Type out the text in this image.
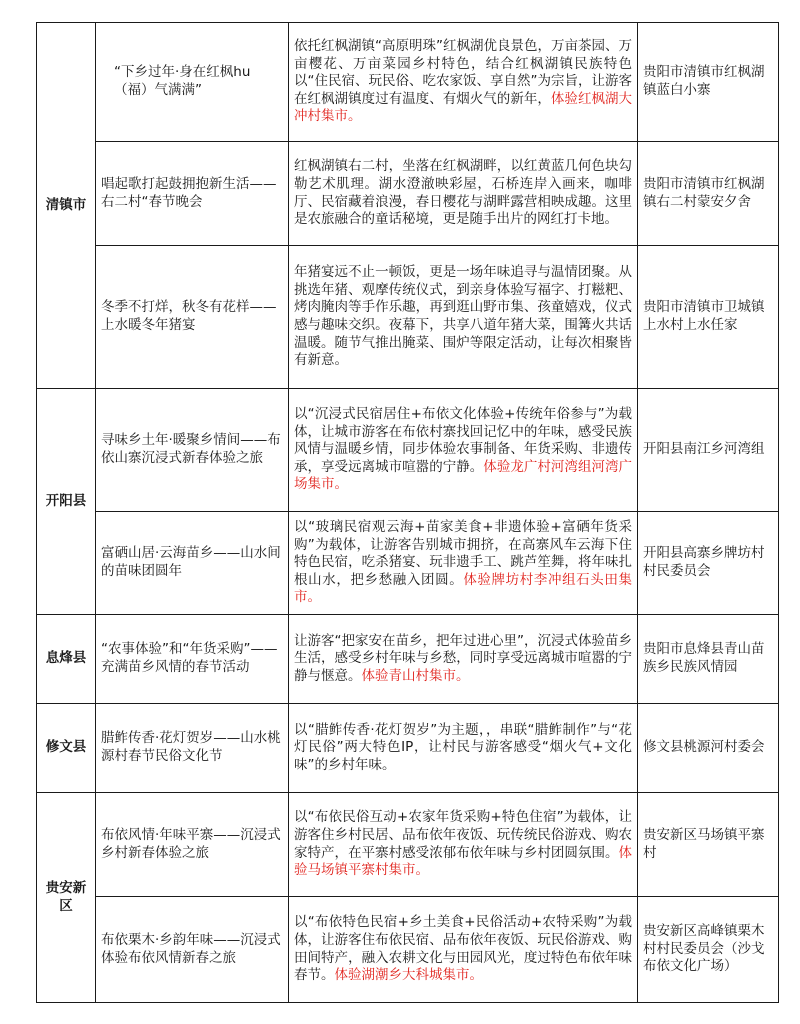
清镇市	“下乡过年·身在红枫hu（福）气满满”	依托红枫湖镇“高原明珠”红枫湖优良景色，万亩茶园、万亩樱花、万亩菜园乡村特色，结合红枫湖镇民族特色以“住民宿、玩民俗、吃农家饭、享自然”为宗旨，让游客在红枫湖镇度过有温度、有烟火气的新年，体验红枫湖大冲村集市。	贵阳市清镇市红枫湖镇蓝白小寨
	唱起歌打起鼓拥抱新生活——右二村“春节晚会	红枫湖镇右二村，坐落在红枫湖畔，以红黄蓝几何色块勾勒艺术肌理。湖水澄澈映彩屋，石桥连岸入画来，咖啡厅、民宿藏着浪漫，春日樱花与湖畔露营相映成趣。这里是农旅融合的童话秘境，更是随手出片的网红打卡地。	贵阳市清镇市红枫湖镇右二村蒙安夕舍
	冬季不打烊，秋冬有花样——上水暖冬年猪宴	年猪宴远不止一顿饭，更是一场年味追寻与温情团聚。从挑选年猪、观摩传统仪式，到亲身体验写福字、打糍粑、烤肉腌肉等手作乐趣，再到逛山野市集、孩童嬉戏，仪式感与趣味交织。夜幕下，共享八道年猪大菜，围篝火共话温暖。随节气推出腌菜、围炉等限定活动，让每次相聚皆有新意。	贵阳市清镇市卫城镇上水村上水任家
开阳县	寻味乡土年·暖聚乡情间——布依山寨沉浸式新春体验之旅	以“沉浸式民宿居住+布依文化体验+传统年俗参与”为载体，让城市游客在布依村寨找回记忆中的年味，感受民族风情与温暖乡情，同步体验农事制备、年货采购、非遗传承，享受远离城市喧嚣的宁静。体验龙广村河湾组河湾广场集市。	开阳县南江乡河湾组
	富硒山居·云海苗乡——山水间的苗味团圆年	以“玻璃民宿观云海+苗家美食+非遗体验+富硒年货采购”为载体，让游客告别城市拥挤，在高寨风车云海下住特色民宿，吃杀猪宴、玩非遗手工、跳芦笙舞，将年味扎根山水，把乡愁融入团圆。体验牌坊村李冲组石头田集市。	开阳县高寨乡牌坊村村民委员会
息烽县	“农事体验”和“年货采购”——充满苗乡风情的春节活动	让游客“把家安在苗乡，把年过进心里”，沉浸式体验苗乡生活，感受乡村年味与乡愁，同时享受远离城市喧嚣的宁静与惬意。体验青山村集市。	贵阳市息烽县青山苗族乡民族风情园
修文县	腊鲊传香·花灯贺岁——山水桃源村春节民俗文化节	以“腊鲊传香·花灯贺岁”为主题，，串联“腊鲊制作”与“花灯民俗”两大特色IP，让村民与游客感受“烟火气+文化味”的乡村年味。	修文县桃源河村委会
贵安新区	布依风情·年味平寨——沉浸式乡村新春体验之旅	以“布依民俗互动+农家年货采购+特色住宿”为载体，让游客住乡村民居、品布依年夜饭、玩传统民俗游戏、购农家特产，在平寨村感受浓郁布依年味与乡村团圆氛围。体验马场镇平寨村集市。	贵安新区马场镇平寨村
	布依栗木·乡韵年味——沉浸式体验布依风情新春之旅	以“布依特色民宿+乡土美食+民俗活动+农特采购”为载体，让游客住布依民宿、品布依年夜饭、玩民俗游戏、购田间特产，融入农耕文化与田园风光，度过特色布依年味春节。体验湖潮乡大科城集市。	贵安新区高峰镇栗木村村民委员会（沙戈布依文化广场）
